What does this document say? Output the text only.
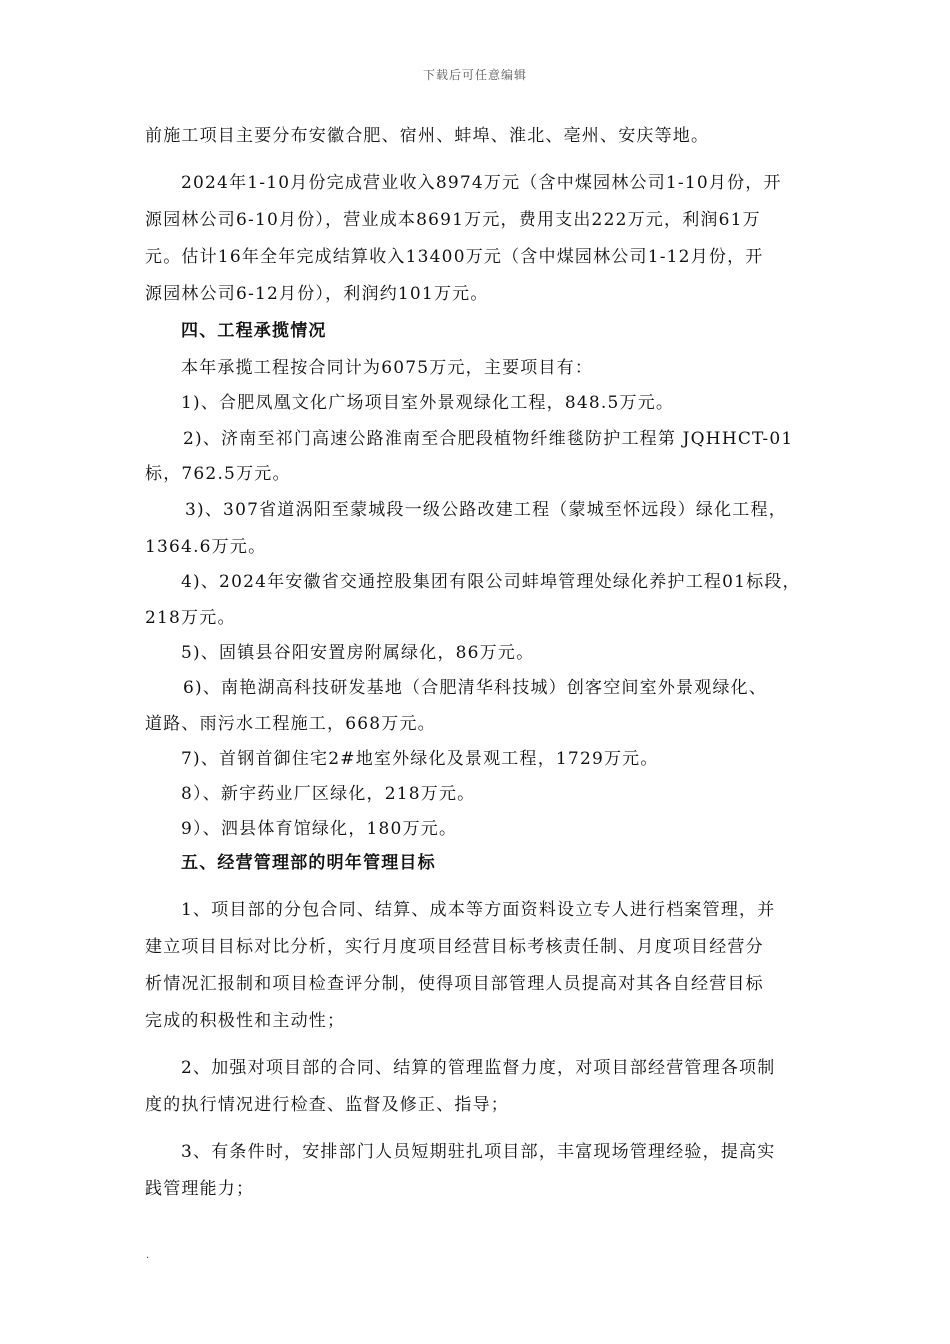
下载后可任意编辑
前施工项目主要分布安徽合肥、宿州、蚌埠、淮北、亳州、安庆等地。
2024年1-10月份完成营业收入8974万元（含中煤园林公司1-10月份，开
源园林公司6-10月份），营业成本8691万元，费用支出222万元，利润61万
元。估计16年全年完成结算收入13400万元（含中煤园林公司1-12月份，开
源园林公司6-12月份），利润约101万元。
四、工程承揽情况
本年承揽工程按合同计为6075万元，主要项目有：
1)、合肥凤凰文化广场项目室外景观绿化工程，848.5万元。
2)、济南至祁门高速公路淮南至合肥段植物纤维毯防护工程第 JQHHCT-01
标，762.5万元。
3)、307省道涡阳至蒙城段一级公路改建工程（蒙城至怀远段）绿化工程，
1364.6万元。
4)、2024年安徽省交通控股集团有限公司蚌埠管理处绿化养护工程01标段，
218万元。
5)、固镇县谷阳安置房附属绿化，86万元。
6)、南艳湖高科技研发基地（合肥清华科技城）创客空间室外景观绿化、
道路、雨污水工程施工，668万元。
7)、首钢首御住宅2#地室外绿化及景观工程，1729万元。
8）、新宇药业厂区绿化，218万元。
9）、泗县体育馆绿化，180万元。
五、经营管理部的明年管理目标
1、项目部的分包合同、结算、成本等方面资料设立专人进行档案管理，并
建立项目目标对比分析，实行月度项目经营目标考核责任制、月度项目经营分
析情况汇报制和项目检查评分制，使得项目部管理人员提高对其各自经营目标
完成的积极性和主动性；
2、加强对项目部的合同、结算的管理监督力度，对项目部经营管理各项制
度的执行情况进行检查、监督及修正、指导；
3、有条件时，安排部门人员短期驻扎项目部，丰富现场管理经验，提高实
践管理能力；
.
